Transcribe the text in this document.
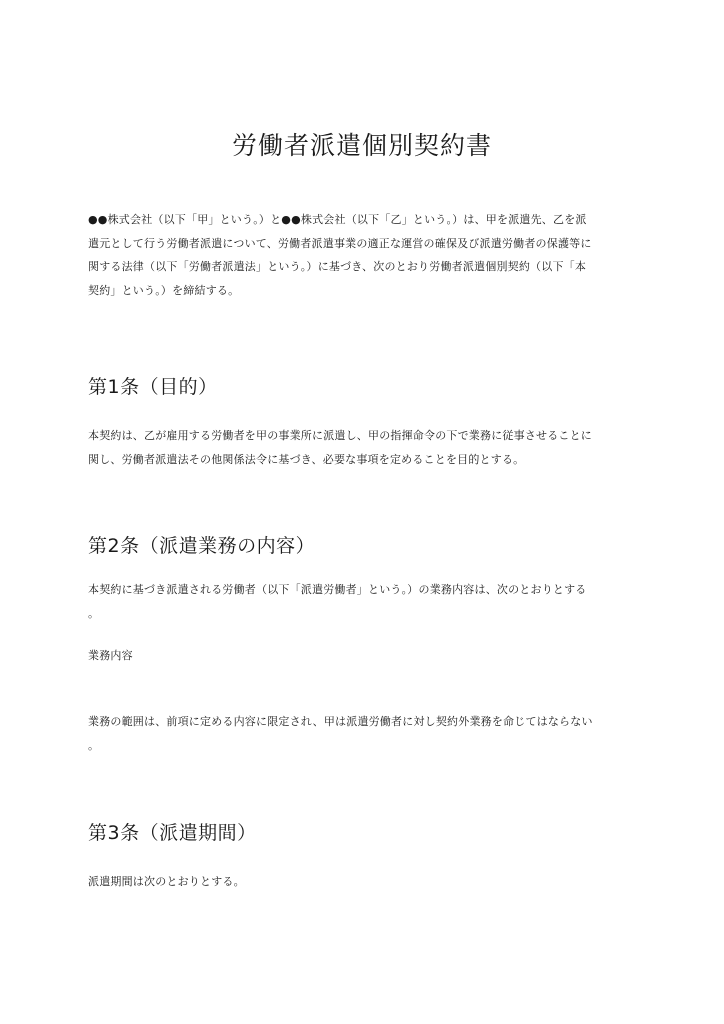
労働者派遣個別契約書

●●株式会社（以下「甲」という。）と●●株式会社（以下「乙」という。）は、甲を派遣先、乙を派
遣元として行う労働者派遣について、労働者派遣事業の適正な運営の確保及び派遣労働者の保護等に
関する法律（以下「労働者派遣法」という。）に基づき、次のとおり労働者派遣個別契約（以下「本
契約」という。）を締結する。

第1条（目的）

本契約は、乙が雇用する労働者を甲の事業所に派遣し、甲の指揮命令の下で業務に従事させることに
関し、労働者派遣法その他関係法令に基づき、必要な事項を定めることを目的とする。

第2条（派遣業務の内容）

本契約に基づき派遣される労働者（以下「派遣労働者」という。）の業務内容は、次のとおりとする
。

業務内容

業務の範囲は、前項に定める内容に限定され、甲は派遣労働者に対し契約外業務を命じてはならない
。

第3条（派遣期間）

派遣期間は次のとおりとする。
